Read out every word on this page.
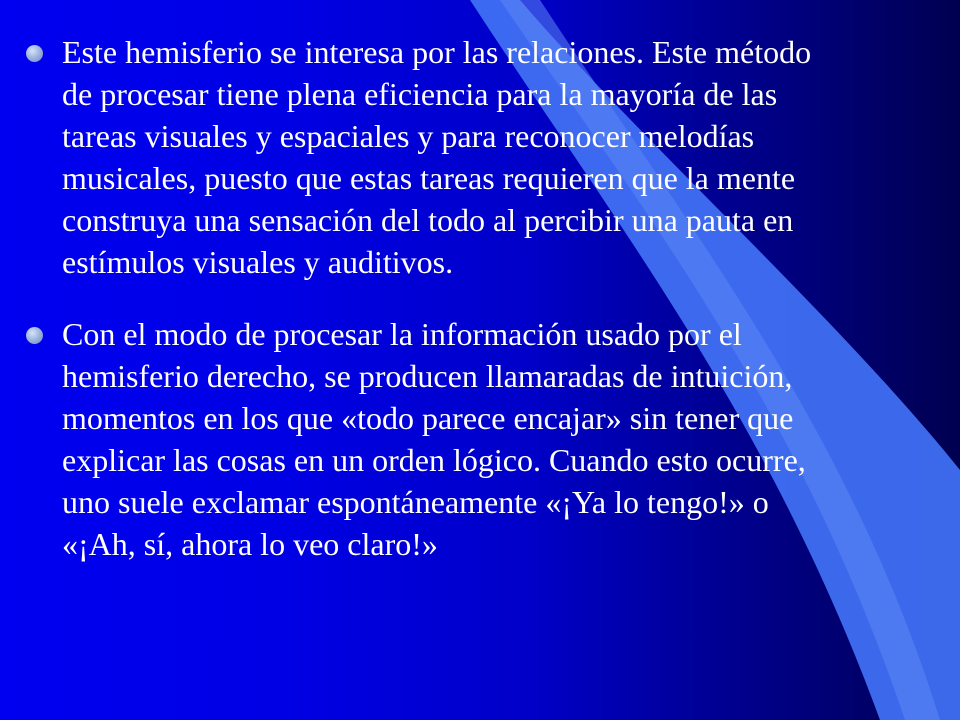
Este hemisferio se interesa por las relaciones. Este método
de procesar tiene plena eficiencia para la mayoría de las
tareas visuales y espaciales y para reconocer melodías
musicales, puesto que estas tareas requieren que la mente
construya una sensación del todo al percibir una pauta en
estímulos visuales y auditivos.

Con el modo de procesar la información usado por el
hemisferio derecho, se producen llamaradas de intuición,
momentos en los que «todo parece encajar» sin tener que
explicar las cosas en un orden lógico. Cuando esto ocurre,
uno suele exclamar espontáneamente «¡Ya lo tengo!» o
«¡Ah, sí, ahora lo veo claro!»
